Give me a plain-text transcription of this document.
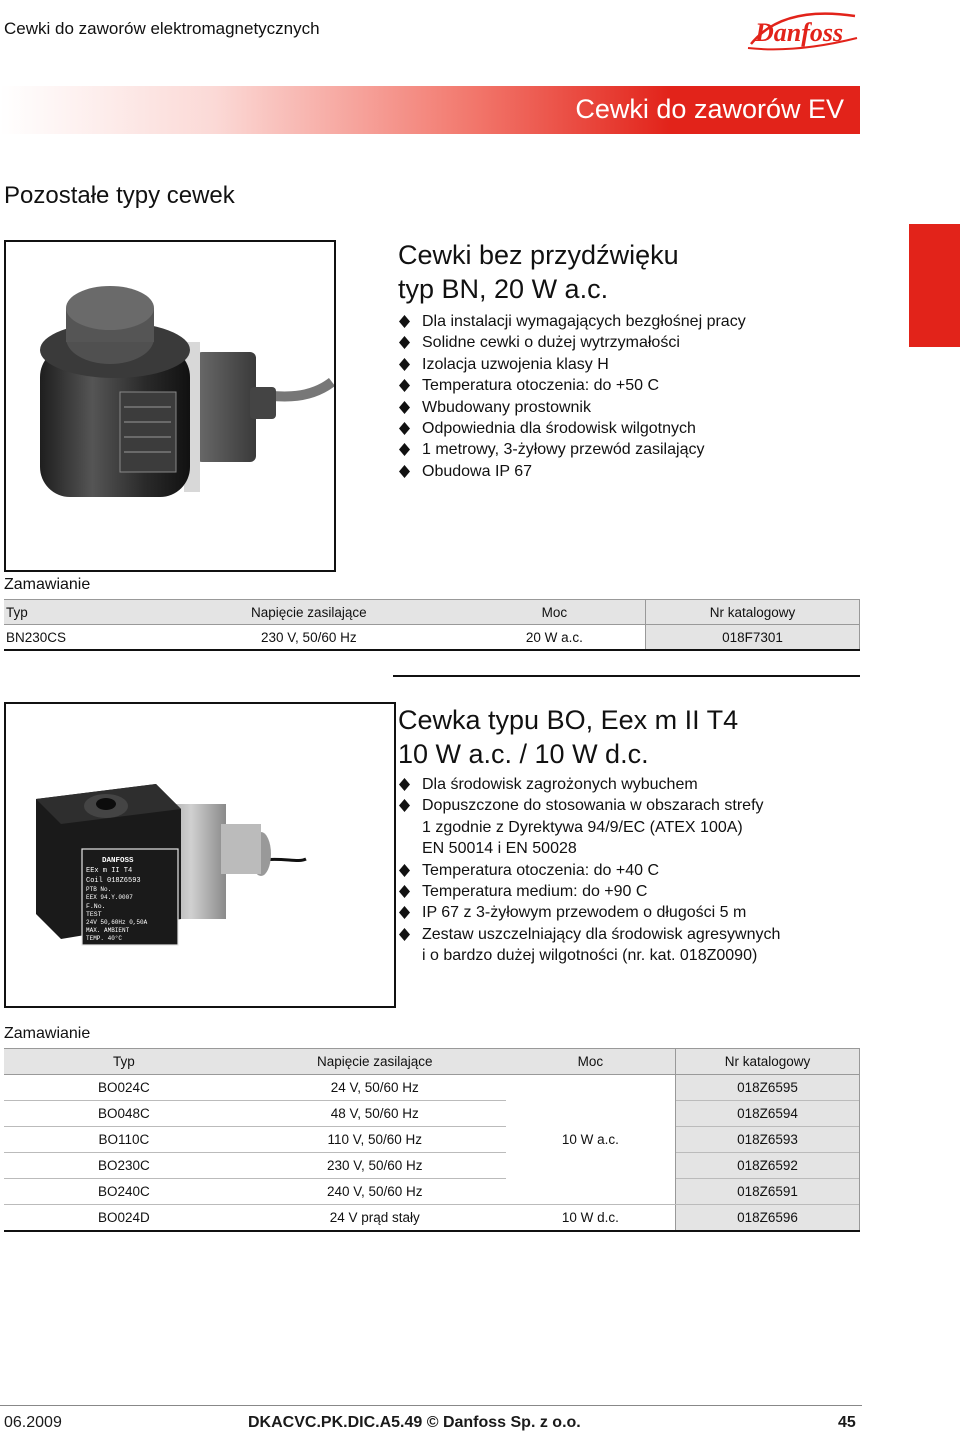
Cewki do zaworów elektromagnetycznych	Danfoss
Cewki do zaworów EV
Pozostałe typy cewek
Cewki bez przydźwięku
typ BN, 20 W a.c.
Dla instalacji wymagających bezgłośnej pracy
Solidne cewki o dużej wytrzymałości
Izolacja uzwojenia klasy H
Temperatura otoczenia: do +50 C
Wbudowany prostownik
Odpowiednia dla środowisk wilgotnych
1 metrowy, 3-żyłowy przewód zasilający
Obudowa IP 67
Zamawianie
Typ	Napięcie zasilające	Moc	Nr katalogowy
BN230CS	230 V, 50/60 Hz	20 W a.c.	018F7301
DANFOSS
EEx m II T4
Coil 018Z6593
PTB No.
EEX 94.Y.0007
F.No.
TEST
24V 50,60Hz 0,50A
MAX. AMBIENT
TEMP. 40°C
Cewka typu BO, Eex m II T4
10 W a.c. / 10 W d.c.
Dla środowisk zagrożonych wybuchem
Dopuszczone do stosowania w obszarach strefy
1 zgodnie z Dyrektywa 94/9/EC (ATEX 100A)
EN 50014 i EN 50028
Temperatura otoczenia: do +40 C
Temperatura medium: do +90 C
IP 67 z 3-żyłowym przewodem o długości 5 m
Zestaw uszczelniający dla środowisk agresywnych
i o bardzo dużej wilgotności (nr. kat. 018Z0090)
Zamawianie
Typ	Napięcie zasilające	Moc	Nr katalogowy
BO024C	24 V, 50/60 Hz	10 W a.c.	018Z6595
BO048C	48 V, 50/60 Hz		018Z6594
BO110C	110 V, 50/60 Hz		018Z6593
BO230C	230 V, 50/60 Hz		018Z6592
BO240C	240 V, 50/60 Hz		018Z6591
BO024D	24 V prąd stały	10 W d.c.	018Z6596
06.2009	DKACVC.PK.DIC.A5.49 © Danfoss Sp. z o.o.	45
